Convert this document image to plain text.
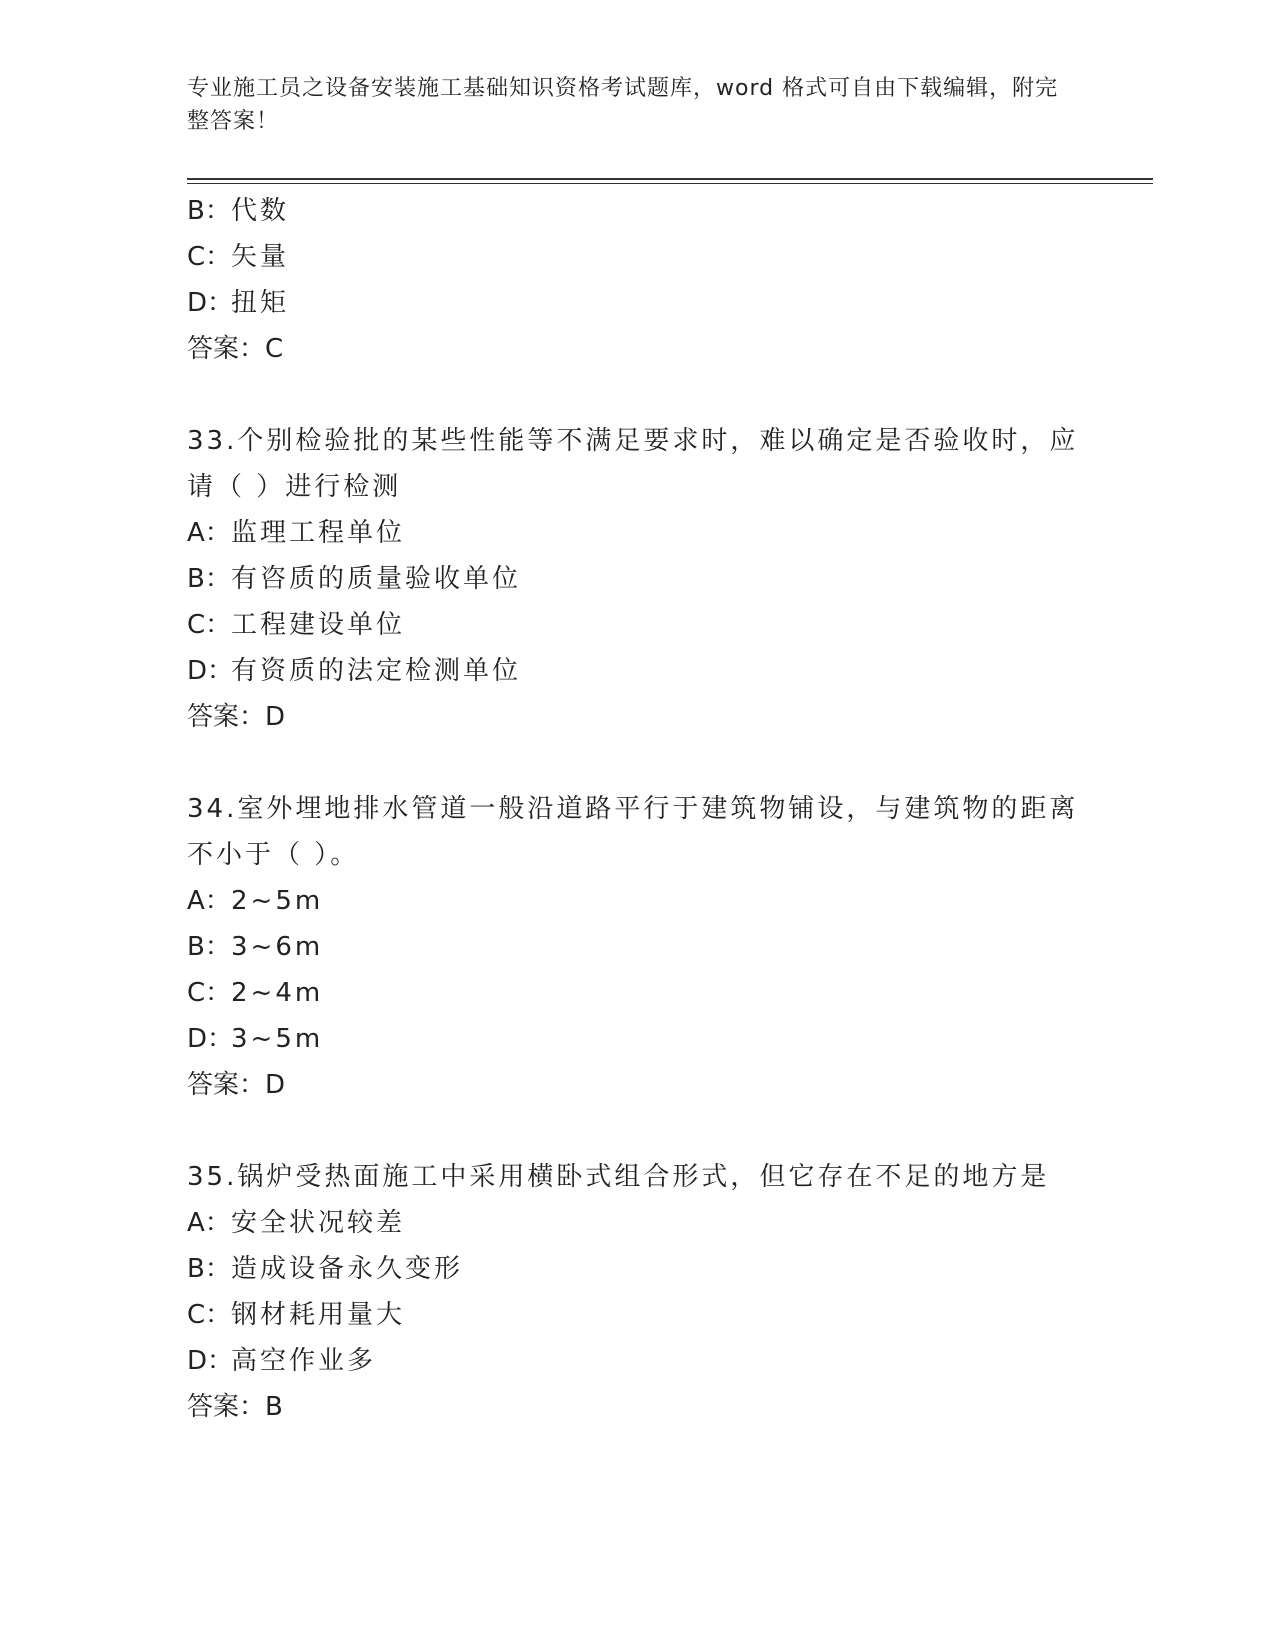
专业施工员之设备安装施工基础知识资格考试题库，word 格式可自由下载编辑，附完整答案！
B：代数
C：矢量
D：扭矩
答案：C
33.个别检验批的某些性能等不满足要求时，难以确定是否验收时，应
请（ ）进行检测
A：监理工程单位
B：有咨质的质量验收单位
C：工程建设单位
D：有资质的法定检测单位
答案：D
34.室外埋地排水管道一般沿道路平行于建筑物铺设，与建筑物的距离
不小于（ ）。
A：2~5m
B：3~6m
C：2~4m
D：3~5m
答案：D
35.锅炉受热面施工中采用横卧式组合形式，但它存在不足的地方是
A：安全状况较差
B：造成设备永久变形
C：钢材耗用量大
D：高空作业多
答案：B
